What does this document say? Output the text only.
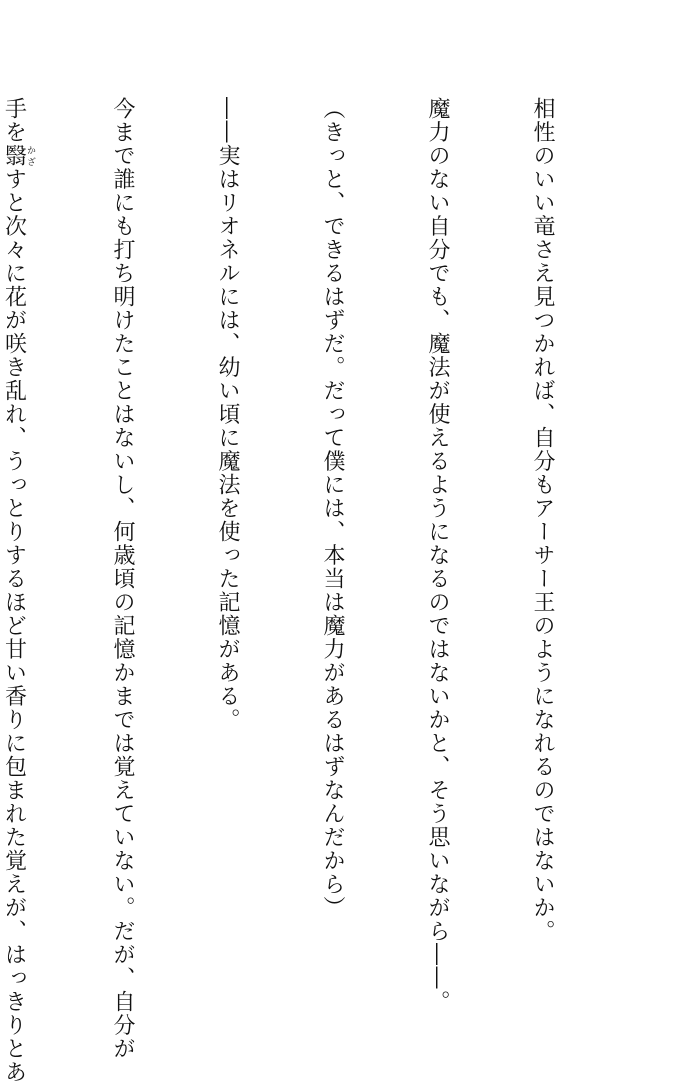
相性のいい竜さえ見つかれば、自分もアーサー王のようになれるのではないか。

魔力のない自分でも、魔法が使えるようになるのではないかと、そう思いながら――。

（きっと、できるはずだ。だって僕には、本当は魔力があるはずなんだから）

――実はリオネルには、幼い頃に魔法を使った記憶がある。

今まで誰にも打ち明けたことはないし、何歳頃の記憶かまでは覚えていない。だが、自分が

手を翳かざすと次々に花が咲き乱れ、うっとりするほど甘い香りに包まれた覚えが、はっきりとあ
